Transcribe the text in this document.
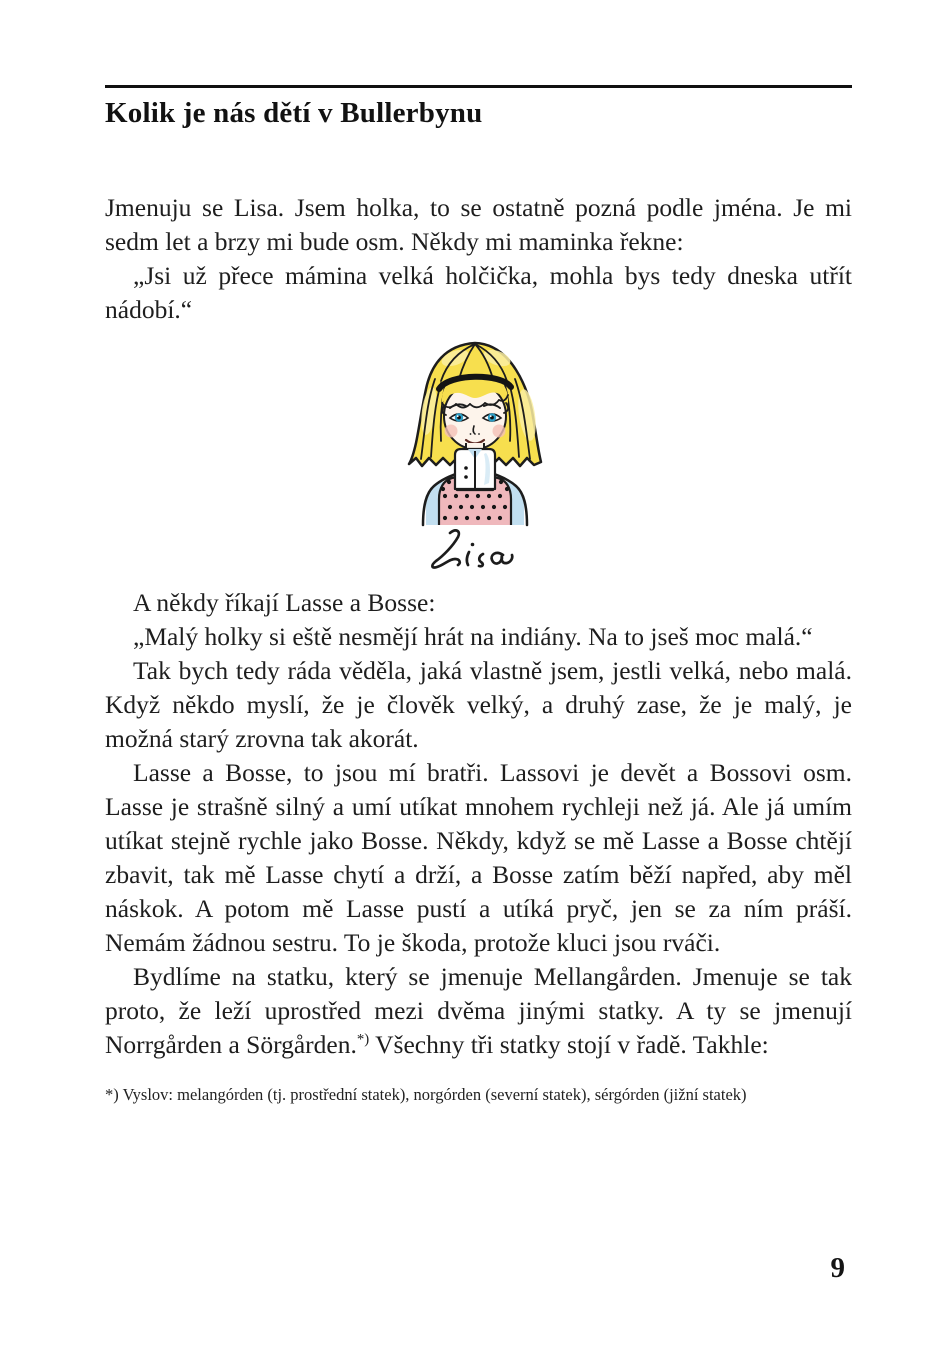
Kolik je nás dětí v Bullerbynu

Jmenuju se Lisa. Jsem holka, to se ostatně pozná podle jména. Je mi sedm let a brzy mi bude osm. Někdy mi maminka řekne:

„Jsi už přece mámina velká holčička, mohla bys tedy dneska utřít nádobí.“

A někdy říkají Lasse a Bosse:

„Malý holky si eště nesmějí hrát na indiány. Na to jseš moc malá.“

Tak bych tedy ráda věděla, jaká vlastně jsem, jestli velká, nebo malá. Když někdo myslí, že je člověk velký, a druhý zase, že je malý, je možná starý zrovna tak akorát.

Lasse a Bosse, to jsou mí bratři. Lassovi je devět a Bossovi osm. Lasse je strašně silný a umí utíkat mnohem rychleji než já. Ale já umím utíkat stejně rychle jako Bosse. Někdy, když se mě Lasse a Bosse chtějí zbavit, tak mě Lasse chytí a drží, a Bosse zatím běží napřed, aby měl náskok. A potom mě Lasse pustí a utíká pryč, jen se za ním práší. Nemám žádnou sestru. To je škoda, protože kluci jsou rváči.

Bydlíme na statku, který se jmenuje Mellangården. Jmenuje se tak proto, že leží uprostřed mezi dvěma jinými statky. A ty se jmenují Norrgården a Sörgården.*) Všechny tři statky stojí v řadě. Takhle:

*) Vyslov: melangórden (tj. prostřední statek), norgórden (severní statek), sérgórden (jižní statek)

9
